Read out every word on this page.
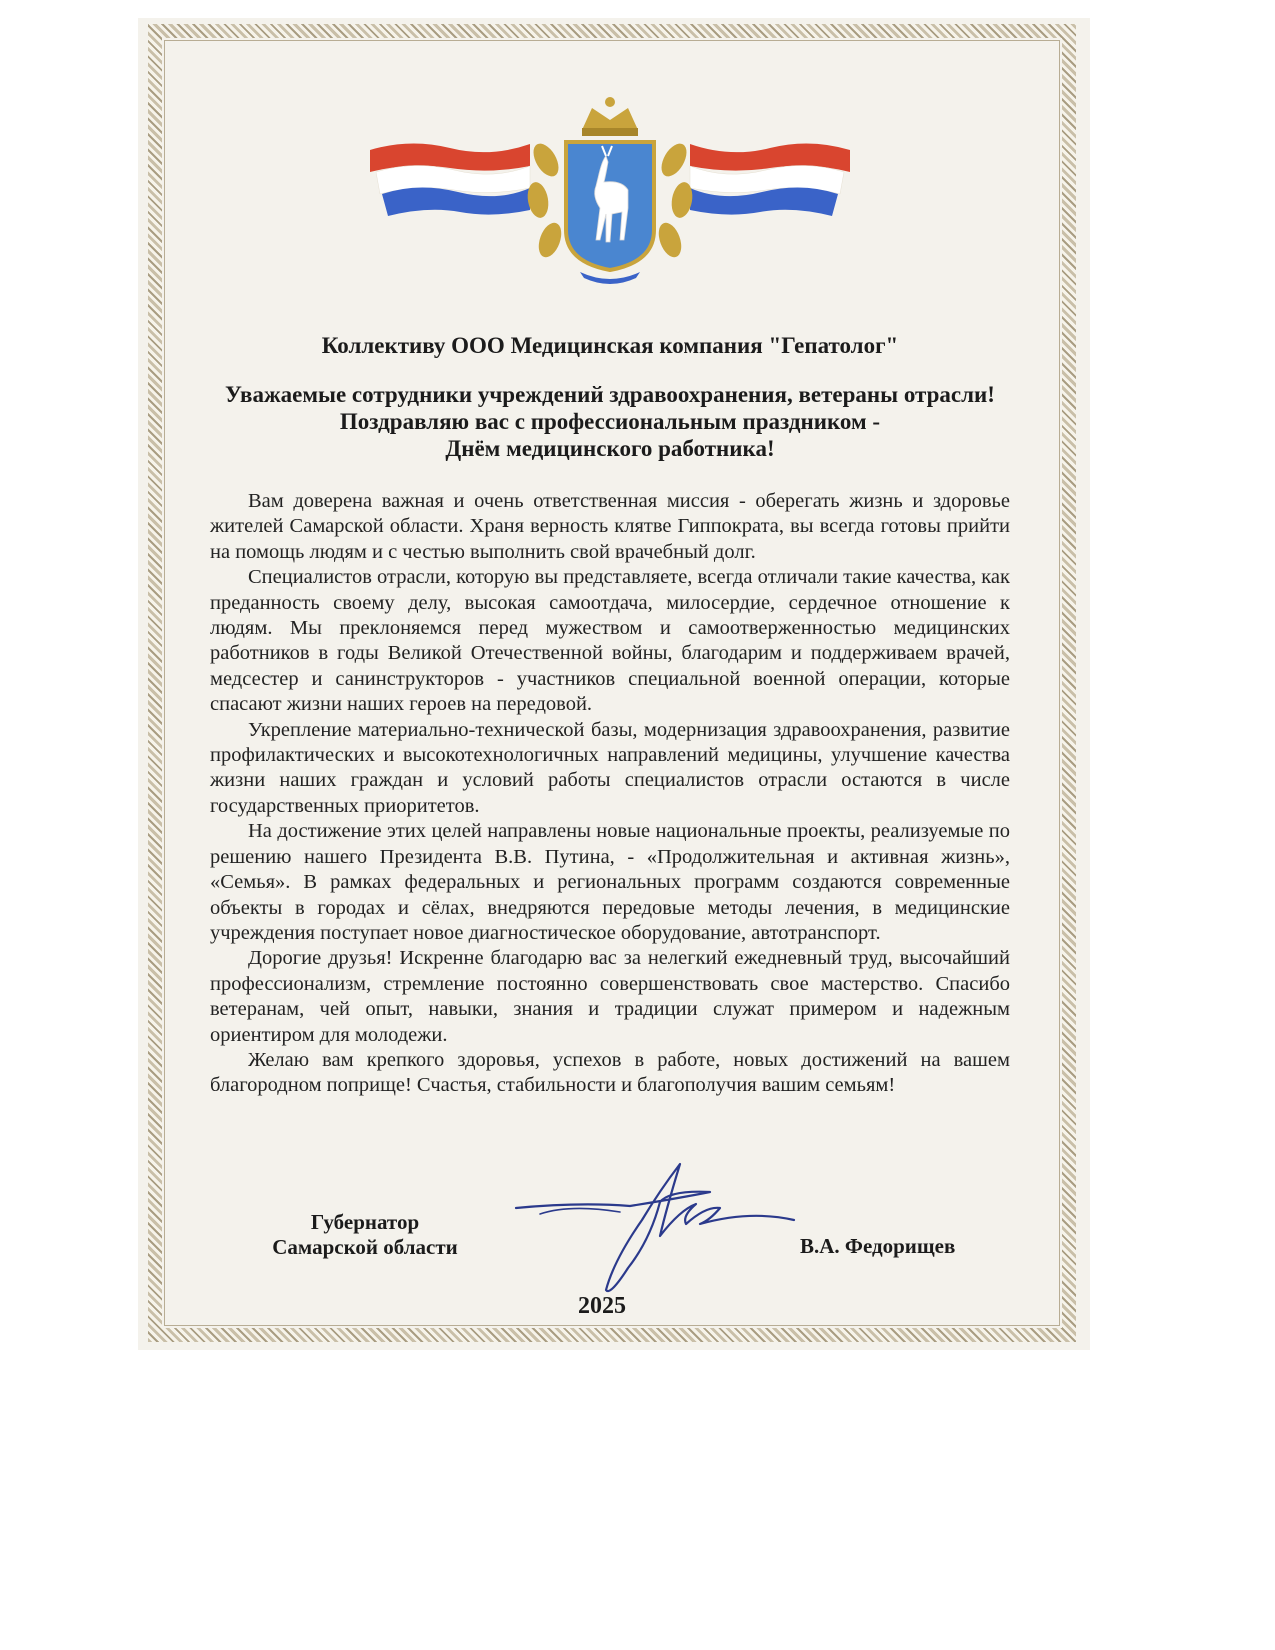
Коллективу ООО Медицинская компания "Гепатолог"
Уважаемые сотрудники учреждений здравоохранения, ветераны отрасли!
Поздравляю вас с профессиональным праздником -
Днём медицинского работника!

Вам доверена важная и очень ответственная миссия - оберегать жизнь и здоровье жителей Самарской области. Храня верность клятве Гиппократа, вы всегда готовы прийти на помощь людям и с честью выполнить свой врачебный долг.

Специалистов отрасли, которую вы представляете, всегда отличали такие качества, как преданность своему делу, высокая самоотдача, милосердие, сердечное отношение к людям. Мы преклоняемся перед мужеством и самоотверженностью медицинских работников в годы Великой Отечественной войны, благодарим и поддерживаем врачей, медсестер и санинструкторов - участников специальной военной операции, которые спасают жизни наших героев на передовой.

Укрепление материально-технической базы, модернизация здравоохранения, развитие профилактических и высокотехнологичных направлений медицины, улучшение качества жизни наших граждан и условий работы специалистов отрасли остаются в числе государственных приоритетов.

На достижение этих целей направлены новые национальные проекты, реализуемые по решению нашего Президента В.В. Путина, - «Продолжительная и активная жизнь», «Семья». В рамках федеральных и региональных программ создаются современные объекты в городах и сёлах, внедряются передовые методы лечения, в медицинские учреждения поступает новое диагностическое оборудование, автотранспорт.

Дорогие друзья! Искренне благодарю вас за нелегкий ежедневный труд, высочайший профессионализм, стремление постоянно совершенствовать свое мастерство. Спасибо ветеранам, чей опыт, навыки, знания и традиции служат примером и надежным ориентиром для молодежи.

Желаю вам крепкого здоровья, успехов в работе, новых достижений на вашем благородном поприще! Счастья, стабильности и благополучия вашим семьям!

Губернатор
Самарской области	В.А. Федорищев
2025
